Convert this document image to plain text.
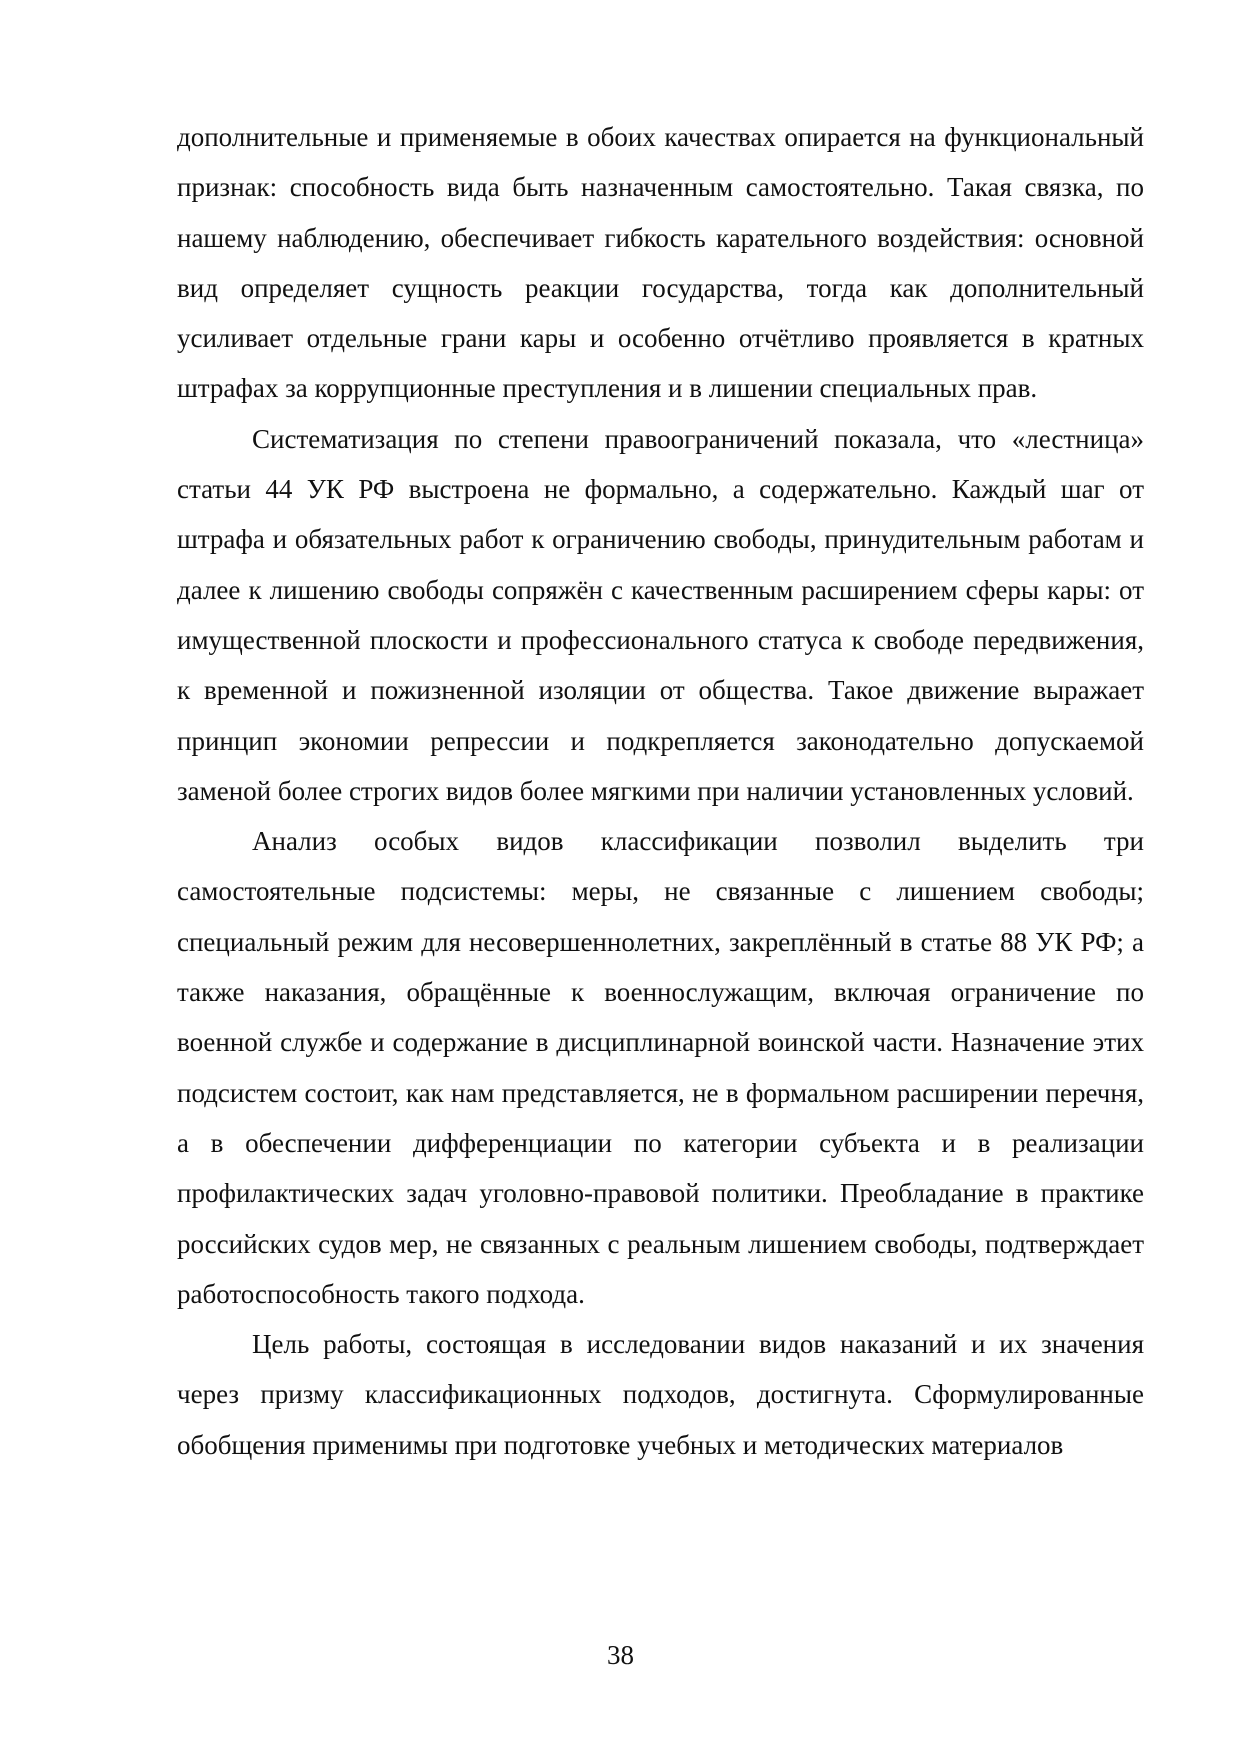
дополнительные и применяемые в обоих качествах опирается на функциональный признак: способность вида быть назначенным самостоятельно. Такая связка, по нашему наблюдению, обеспечивает гибкость карательного воздействия: основной вид определяет сущность реакции государства, тогда как дополнительный усиливает отдельные грани кары и особенно отчётливо проявляется в кратных штрафах за коррупционные преступления и в лишении специальных прав.

Систематизация по степени правоограничений показала, что «лестница» статьи 44 УК РФ выстроена не формально, а содержательно. Каждый шаг от штрафа и обязательных работ к ограничению свободы, принудительным работам и далее к лишению свободы сопряжён с качественным расширением сферы кары: от имущественной плоскости и профессионального статуса к свободе передвижения, к временной и пожизненной изоляции от общества. Такое движение выражает принцип экономии репрессии и подкрепляется законодательно допускаемой заменой более строгих видов более мягкими при наличии установленных условий.

Анализ особых видов классификации позволил выделить три самостоятельные подсистемы: меры, не связанные с лишением свободы; специальный режим для несовершеннолетних, закреплённый в статье 88 УК РФ; а также наказания, обращённые к военнослужащим, включая ограничение по военной службе и содержание в дисциплинарной воинской части. Назначение этих подсистем состоит, как нам представляется, не в формальном расширении перечня, а в обеспечении дифференциации по категории субъекта и в реализации профилактических задач уголовно-правовой политики. Преобладание в практике российских судов мер, не связанных с реальным лишением свободы, подтверждает работоспособность такого подхода.

Цель работы, состоящая в исследовании видов наказаний и их значения через призму классификационных подходов, достигнута. Сформулированные обобщения применимы при подготовке учебных и методических материалов

38
